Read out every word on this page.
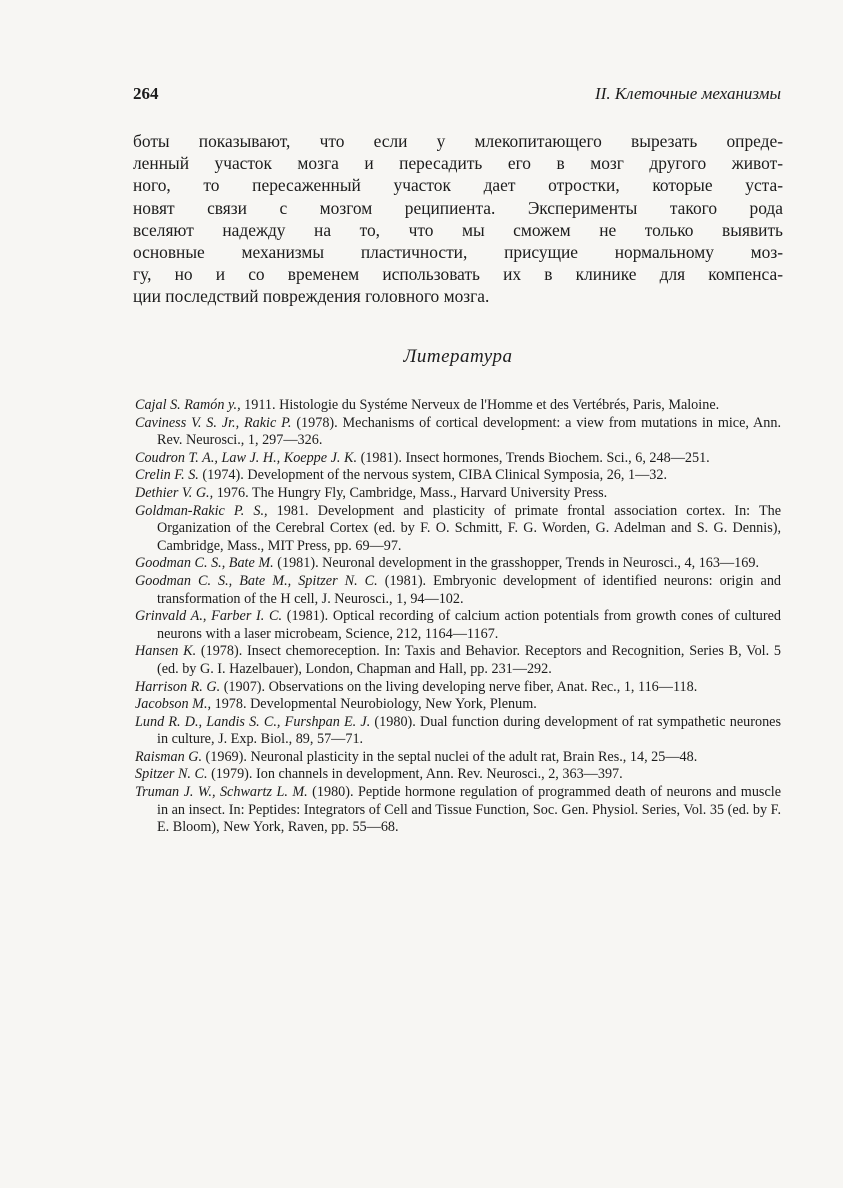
264	II. Клеточные механизмы
боты показывают, что если у млекопитающего вырезать опреде-
ленный участок мозга и пересадить его в мозг другого живот-
ного, то пересаженный участок дает отростки, которые уста-
новят связи с мозгом реципиента. Эксперименты такого рода
вселяют надежду на то, что мы сможем не только выявить
основные механизмы пластичности, присущие нормальному моз-
гу, но и со временем использовать их в клинике для компенса-
ции последствий повреждения головного мозга.
Литература
Cajal S. Ramón y., 1911. Histologie du Systéme Nerveux de l'Homme et des Vertébrés, Paris, Maloine.
Caviness V. S. Jr., Rakic P. (1978). Mechanisms of cortical development: a view from mutations in mice, Ann. Rev. Neurosci., 1, 297—326.
Coudron T. A., Law J. H., Koeppe J. K. (1981). Insect hormones, Trends Biochem. Sci., 6, 248—251.
Crelin F. S. (1974). Development of the nervous system, CIBA Clinical Symposia, 26, 1—32.
Dethier V. G., 1976. The Hungry Fly, Cambridge, Mass., Harvard University Press.
Goldman-Rakic P. S., 1981. Development and plasticity of primate frontal association cortex. In: The Organization of the Cerebral Cortex (ed. by F. O. Schmitt, F. G. Worden, G. Adelman and S. G. Dennis), Cambridge, Mass., MIT Press, pp. 69—97.
Goodman C. S., Bate M. (1981). Neuronal development in the grasshopper, Trends in Neurosci., 4, 163—169.
Goodman C. S., Bate M., Spitzer N. C. (1981). Embryonic development of identified neurons: origin and transformation of the H cell, J. Neurosci., 1, 94—102.
Grinvald A., Farber I. C. (1981). Optical recording of calcium action potentials from growth cones of cultured neurons with a laser microbeam, Science, 212, 1164—1167.
Hansen K. (1978). Insect chemoreception. In: Taxis and Behavior. Receptors and Recognition, Series B, Vol. 5 (ed. by G. I. Hazelbauer), London, Chapman and Hall, pp. 231—292.
Harrison R. G. (1907). Observations on the living developing nerve fiber, Anat. Rec., 1, 116—118.
Jacobson M., 1978. Developmental Neurobiology, New York, Plenum.
Lund R. D., Landis S. C., Furshpan E. J. (1980). Dual function during development of rat sympathetic neurones in culture, J. Exp. Biol., 89, 57—71.
Raisman G. (1969). Neuronal plasticity in the septal nuclei of the adult rat, Brain Res., 14, 25—48.
Spitzer N. C. (1979). Ion channels in development, Ann. Rev. Neurosci., 2, 363—397.
Truman J. W., Schwartz L. M. (1980). Peptide hormone regulation of programmed death of neurons and muscle in an insect. In: Peptides: Integrators of Cell and Tissue Function, Soc. Gen. Physiol. Series, Vol. 35 (ed. by F. E. Bloom), New York, Raven, pp. 55—68.
